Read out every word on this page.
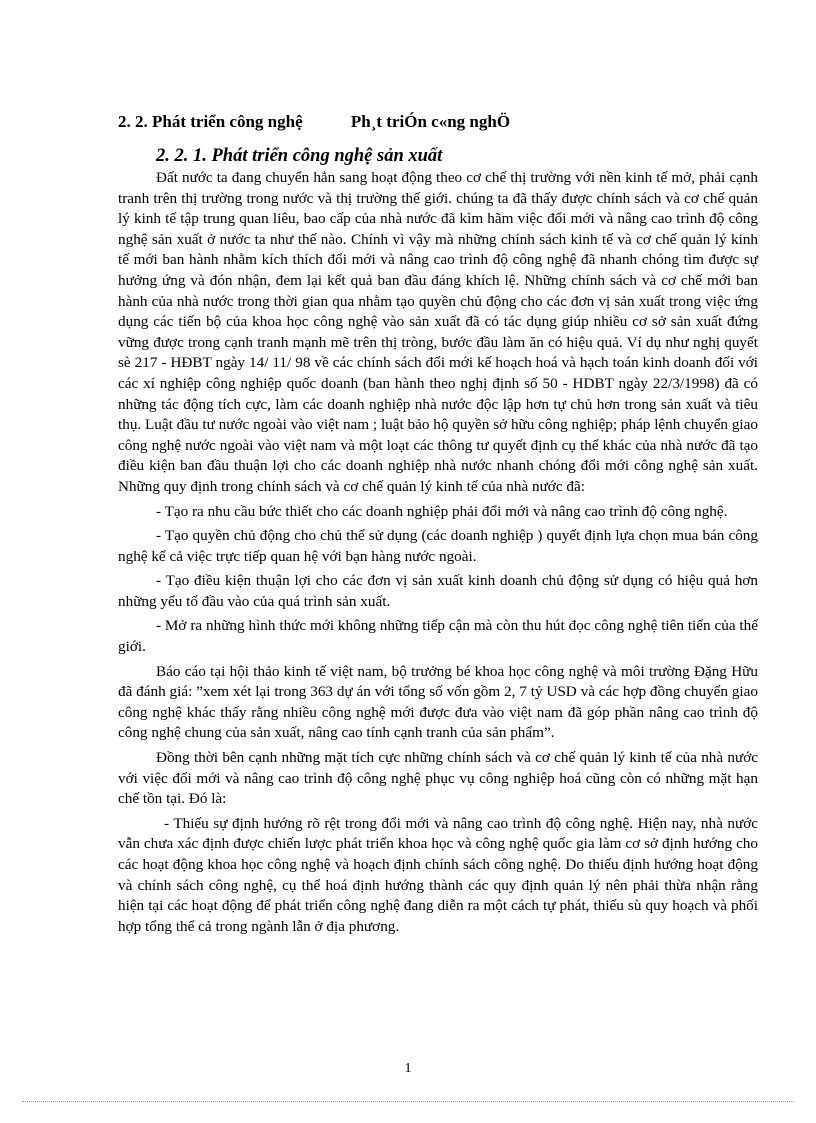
2. 2. Phát triển công nghệ	Ph¸t triÓn c«ng nghÖ
2. 2. 1. Phát triển công nghệ sản xuất

Đất nước ta đang chuyển hẳn sang hoạt động theo cơ chế thị trường với nền kinh tế mở, phải cạnh tranh trên thị trường trong nước và thị trường thế giới. chúng ta đã thấy được chính sách và cơ chế quản lý kinh tế tập trung quan liêu, bao cấp của nhà nước đã kìm hãm việc đổi mới và nâng cao trình độ công nghệ sản xuất ở nước ta như thế nào. Chính vì vậy mà những chính sách kinh tế và cơ chế quản lý kinh tế mới ban hành nhằm kích thích đổi mới và nâng cao trình độ công nghệ đã nhanh chóng tìm được sự hưởng ứng và đón nhận, đem lại kết quả ban đầu đáng khích lệ. Những chính sách và cơ chế mới ban hành của nhà nước trong thời gian qua nhằm tạo quyền chủ động cho các đơn vị sản xuất trong việc ứng dụng các tiến bộ của khoa học công nghệ vào sản xuất đã có tác dụng giúp nhiều cơ sở sản xuất đứng vững được trong cạnh tranh mạnh mẽ trên thị tròng, bước đầu làm ăn có hiệu quả. Ví dụ như nghị quyết sè 217 - HĐBT ngày 14/ 11/ 98 về các chính sách đổi mới kế hoạch hoá và hạch toán kinh doanh đối với các xí nghiệp công nghiệp quốc doanh (ban hành theo nghị định số 50 - HDBT ngày 22/3/1998) đã có những tác động tích cực, làm các doanh nghiệp nhà nước độc lập hơn tự chủ hơn trong sản xuất và tiêu thụ. Luật đầu tư nước ngoài vào việt nam ; luật bảo hộ quyền sở hữu công nghiệp; pháp lệnh chuyển giao công nghệ nước ngoài vào việt nam và một loạt các thông tư quyết định cụ thể khác của nhà nước đã tạo điều kiện ban đầu thuận lợi cho các doanh nghiệp nhà nước nhanh chóng đổi mới công nghệ sản xuất. Những quy định trong chính sách và cơ chế quản lý kinh tế của nhà nước đã:

- Tạo ra nhu cầu bức thiết cho các doanh nghiệp phải đổi mới và nâng cao trình độ công nghệ.

- Tạo quyền chủ động cho chủ thể sử dụng (các doanh nghiệp ) quyết định lựa chọn mua bán công nghệ kể cả việc trực tiếp quan hệ với bạn hàng nước ngoài.

- Tạo điều kiện thuận lợi cho các đơn vị sản xuất kinh doanh chủ động sử dụng có hiệu quả hơn những yếu tố đầu vào của quá trình sản xuất.

- Mở ra những hình thức mới không những tiếp cận mà còn thu hút đọc công nghệ tiên tiến của thế giới.

Báo cáo tại hội thảo kinh tế việt nam, bộ trưởng bé khoa học công nghệ và môi trường Đặng Hữu đã đánh giá: ”xem xét lại trong 363 dự án với tổng số vốn gồm 2, 7 tỷ USD và các hợp đồng chuyển giao công nghệ khác thấy rằng nhiều công nghệ mới được đưa vào việt nam đã góp phần nâng cao trình độ công nghệ chung của sản xuất, nâng cao tính cạnh tranh của sản phẩm”.

Đồng thời bên cạnh những mặt tích cực những chính sách và cơ chế quản lý kinh tế của nhà nước với việc đổi mới và nâng cao trình độ công nghệ phục vụ công nghiệp hoá cũng còn có những mặt hạn chế tồn tại. Đó là:

- Thiếu sự định hướng rõ rệt trong đổi mới và nâng cao trình độ công nghệ. Hiện nay, nhà nước vẫn chưa xác định được chiến lược phát triển khoa học và công nghệ quốc gia làm cơ sở định hướng cho các hoạt động khoa học công nghệ và hoạch định chính sách công nghệ. Do thiếu định hướng hoạt động và chính sách công nghệ, cụ thể hoá định hướng thành các quy định quản lý nên phải thừa nhận rằng hiện tại các hoạt động để phát triển công nghệ đang diễn ra một cách tự phát, thiếu sù quy hoạch và phối hợp tổng thể cả trong ngành lẫn ở địa phương.

1
